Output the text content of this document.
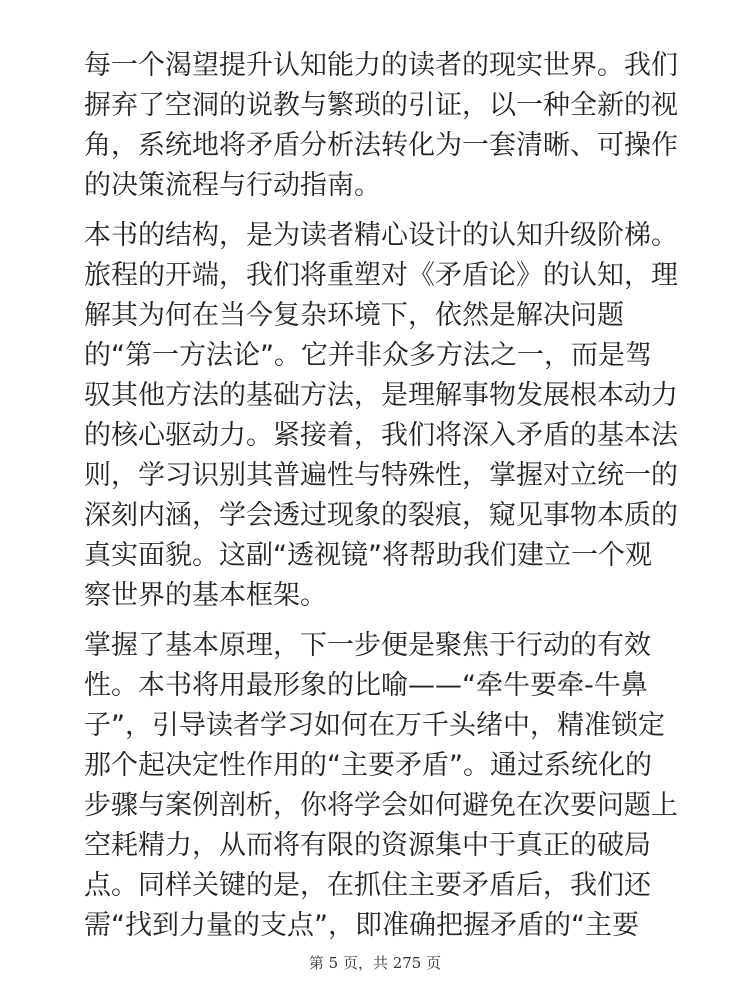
每一个渴望提升认知能力的读者的现实世界。我们
摒弃了空洞的说教与繁琐的引证，以一种全新的视
角，系统地将矛盾分析法转化为一套清晰、可操作
的决策流程与行动指南。

本书的结构，是为读者精心设计的认知升级阶梯。
旅程的开端，我们将重塑对《矛盾论》的认知，理
解其为何在当今复杂环境下，依然是解决问题
的“第一方法论”。它并非众多方法之一，而是驾
驭其他方法的基础方法，是理解事物发展根本动力
的核心驱动力。紧接着，我们将深入矛盾的基本法
则，学习识别其普遍性与特殊性，掌握对立统一的
深刻内涵，学会透过现象的裂痕，窥见事物本质的
真实面貌。这副“透视镜”将帮助我们建立一个观
察世界的基本框架。

掌握了基本原理，下一步便是聚焦于行动的有效
性。本书将用最形象的比喻——“牵牛要牵-牛鼻
子”，引导读者学习如何在万千头绪中，精准锁定
那个起决定性作用的“主要矛盾”。通过系统化的
步骤与案例剖析，你将学会如何避免在次要问题上
空耗精力，从而将有限的资源集中于真正的破局
点。同样关键的是，在抓住主要矛盾后，我们还
需“找到力量的支点”，即准确把握矛盾的“主要

第 5 页，共 275 页
